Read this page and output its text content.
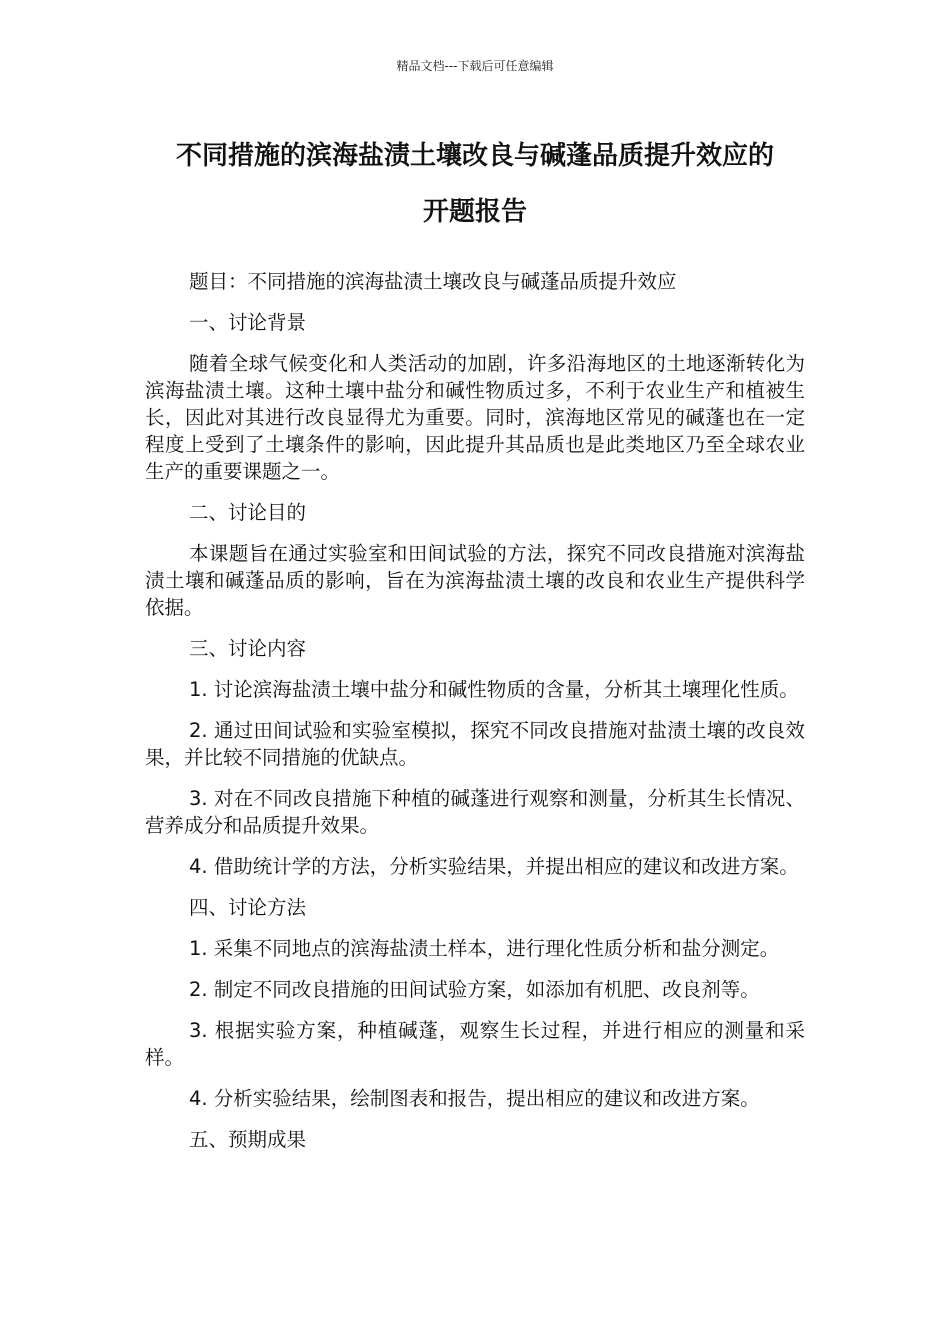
精品文档---下载后可任意编辑
不同措施的滨海盐渍土壤改良与碱蓬品质提升效应的
开题报告

题目：不同措施的滨海盐渍土壤改良与碱蓬品质提升效应

一、讨论背景

随着全球气候变化和人类活动的加剧，许多沿海地区的土地逐渐转化为滨海盐渍土壤。这种土壤中盐分和碱性物质过多，不利于农业生产和植被生长，因此对其进行改良显得尤为重要。同时，滨海地区常见的碱蓬也在一定程度上受到了土壤条件的影响，因此提升其品质也是此类地区乃至全球农业生产的重要课题之一。

二、讨论目的

本课题旨在通过实验室和田间试验的方法，探究不同改良措施对滨海盐渍土壤和碱蓬品质的影响，旨在为滨海盐渍土壤的改良和农业生产提供科学依据。

三、讨论内容

1. 讨论滨海盐渍土壤中盐分和碱性物质的含量，分析其土壤理化性质。

2. 通过田间试验和实验室模拟，探究不同改良措施对盐渍土壤的改良效果，并比较不同措施的优缺点。

3. 对在不同改良措施下种植的碱蓬进行观察和测量，分析其生长情况、营养成分和品质提升效果。

4. 借助统计学的方法，分析实验结果，并提出相应的建议和改进方案。

四、讨论方法

1. 采集不同地点的滨海盐渍土样本，进行理化性质分析和盐分测定。

2. 制定不同改良措施的田间试验方案，如添加有机肥、改良剂等。

3. 根据实验方案，种植碱蓬，观察生长过程，并进行相应的测量和采样。

4. 分析实验结果，绘制图表和报告，提出相应的建议和改进方案。

五、预期成果
